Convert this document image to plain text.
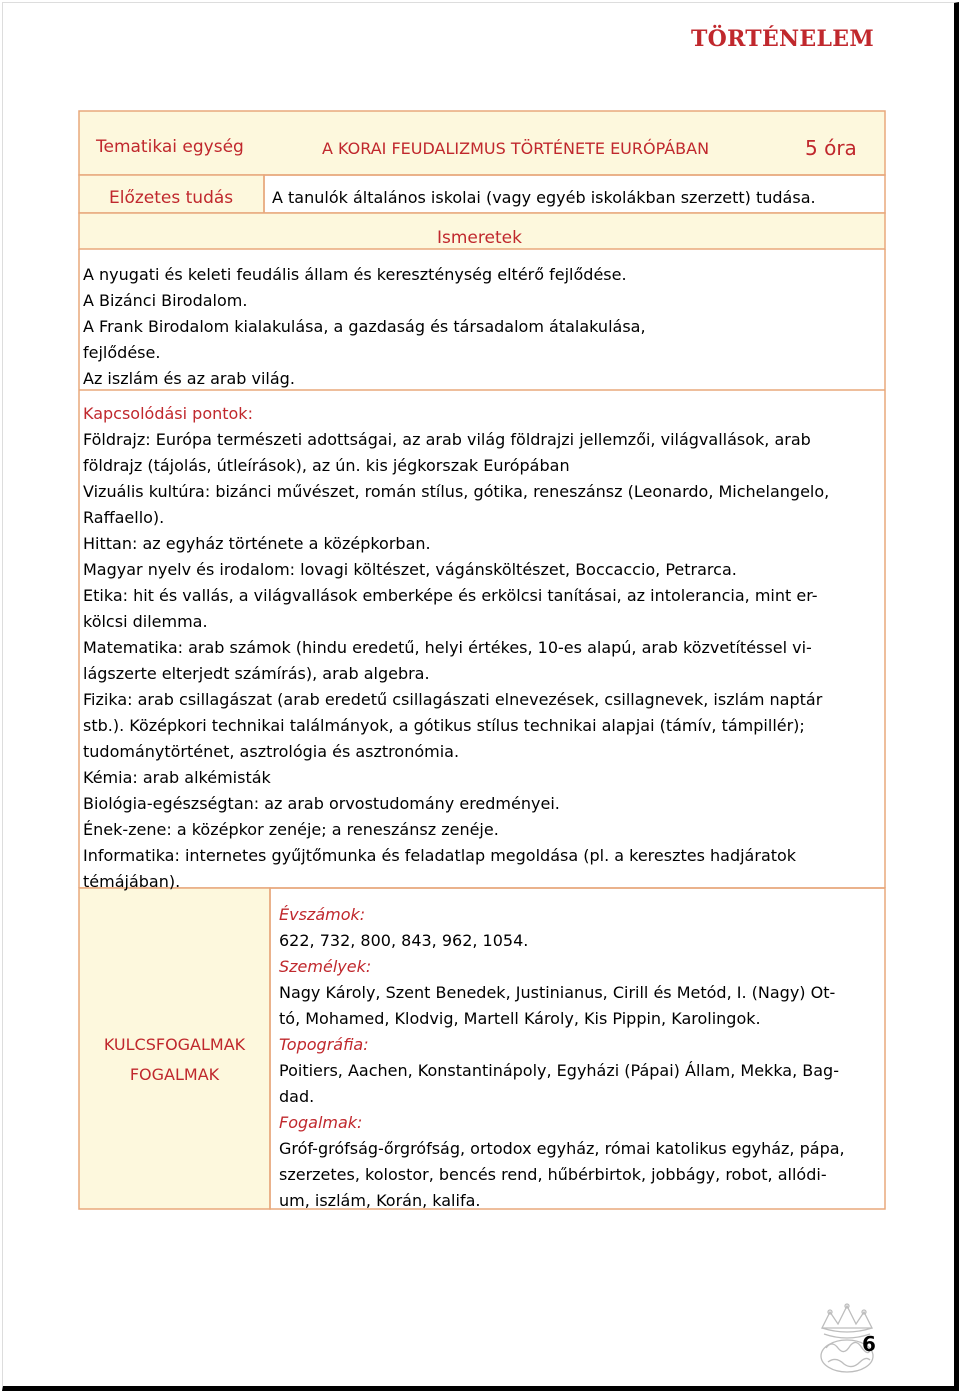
TÖRTÉNELEM
Tematikai egység	A KORAI FEUDALIZMUS TÖRTÉNETE EURÓPÁBAN	5 óra
Előzetes tudás A tanulók általános iskolai (vagy egyéb iskolákban szerzett) tudása.
Ismeretek
A nyugati és keleti feudális állam és kereszténység eltérő fejlődése.
A Bizánci Birodalom.
A Frank Birodalom kialakulása, a gazdaság és társadalom átalakulása,
fejlődése.
Az iszlám és az arab világ.
Kapcsolódási pontok:
Földrajz: Európa természeti adottságai, az arab világ földrajzi jellemzői, világvallások, arab
földrajz (tájolás, útleírások), az ún. kis jégkorszak Európában
Vizuális kultúra: bizánci művészet, román stílus, gótika, reneszánsz (Leonardo, Michelangelo,
Raffaello).
Hittan: az egyház története a középkorban.
Magyar nyelv és irodalom: lovagi költészet, vágánsköltészet, Boccaccio, Petrarca.
Etika: hit és vallás, a világvallások emberképe és erkölcsi tanításai, az intolerancia, mint er-
kölcsi dilemma.
Matematika: arab számok (hindu eredetű, helyi értékes, 10-es alapú, arab közvetítéssel vi-
lágszerte elterjedt számírás), arab algebra.
Fizika: arab csillagászat (arab eredetű csillagászati elnevezések, csillagnevek, iszlám naptár
stb.). Középkori technikai találmányok, a gótikus stílus technikai alapjai (támív, támpillér);
tudománytörténet, asztrológia és asztronómia.
Kémia: arab alkémisták
Biológia-egészségtan: az arab orvostudomány eredményei.
Ének-zene: a középkor zenéje; a reneszánsz zenéje.
Informatika: internetes gyűjtőmunka és feladatlap megoldása (pl. a keresztes hadjáratok
témájában).
KULCSFOGALMAK
FOGALMAK
Évszámok:
622, 732, 800, 843, 962, 1054.
Személyek:
Nagy Károly, Szent Benedek, Justinianus, Cirill és Metód, I. (Nagy) Ot-
tó, Mohamed, Klodvig, Martell Károly, Kis Pippin, Karolingok.
Topográfia:
Poitiers, Aachen, Konstantinápoly, Egyházi (Pápai) Állam, Mekka, Bag-
dad.
Fogalmak:
Gróf-grófság-őrgrófság, ortodox egyház, római katolikus egyház, pápa,
szerzetes, kolostor, bencés rend, hűbérbirtok, jobbágy, robot, allódi-
um, iszlám, Korán, kalifa.
6
